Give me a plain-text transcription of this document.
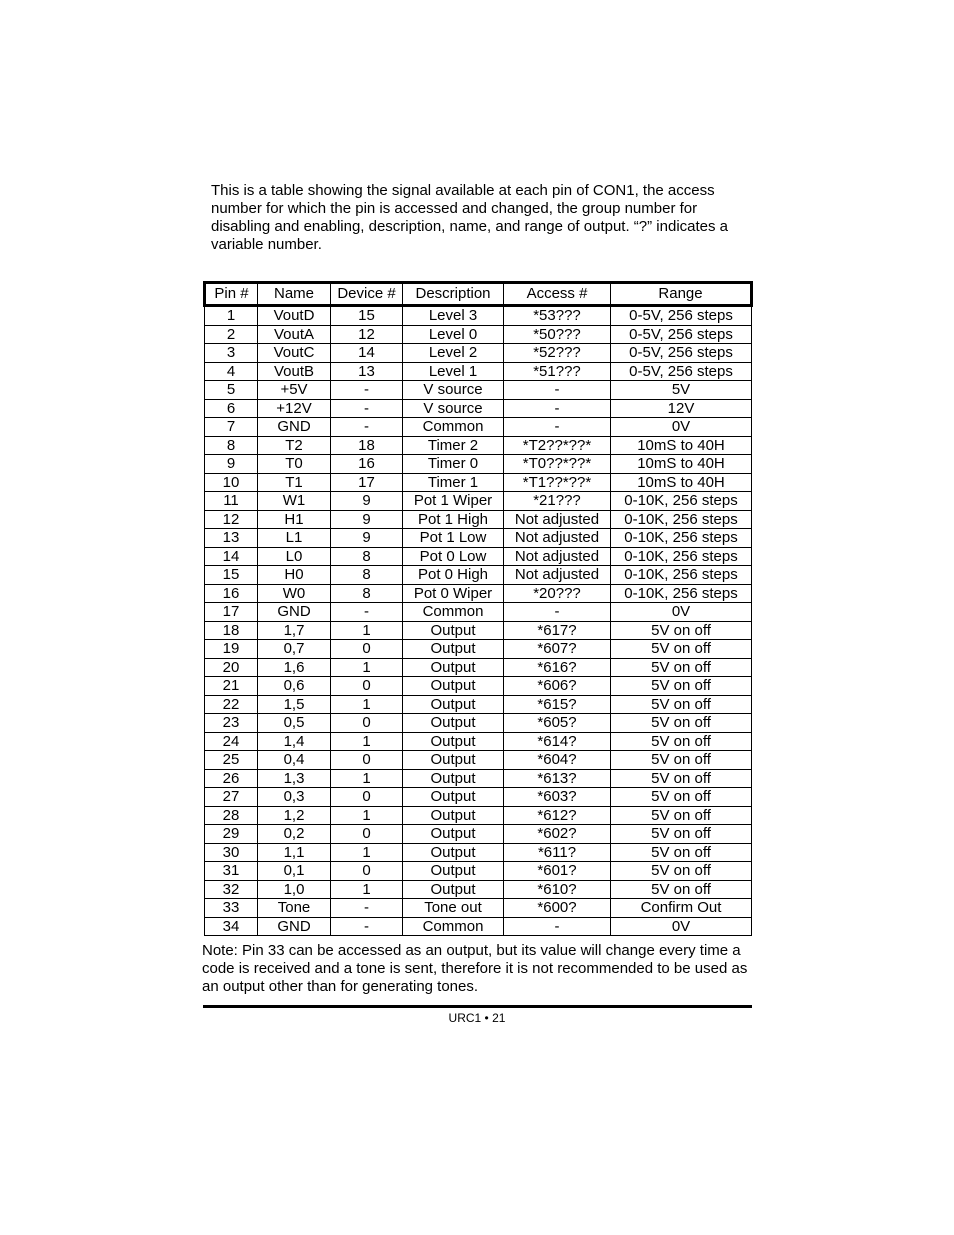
This is a table showing the signal available at each pin of CON1, the access number for which the pin is accessed and changed, the group number for disabling and enabling, description, name, and range of output. “?” indicates a variable number.

Pin #	Name	Device #	Description	Access #	Range
1	VoutD	15	Level 3	*53???	0-5V, 256 steps
2	VoutA	12	Level 0	*50???	0-5V, 256 steps
3	VoutC	14	Level 2	*52???	0-5V, 256 steps
4	VoutB	13	Level 1	*51???	0-5V, 256 steps
5	+5V	-	V source	-	5V
6	+12V	-	V source	-	12V
7	GND	-	Common	-	0V
8	T2	18	Timer 2	*T2??*??*	10mS to 40H
9	T0	16	Timer 0	*T0??*??*	10mS to 40H
10	T1	17	Timer 1	*T1??*??*	10mS to 40H
11	W1	9	Pot 1 Wiper	*21???	0-10K, 256 steps
12	H1	9	Pot 1 High	Not adjusted	0-10K, 256 steps
13	L1	9	Pot 1 Low	Not adjusted	0-10K, 256 steps
14	L0	8	Pot 0 Low	Not adjusted	0-10K, 256 steps
15	H0	8	Pot 0 High	Not adjusted	0-10K, 256 steps
16	W0	8	Pot 0 Wiper	*20???	0-10K, 256 steps
17	GND	-	Common	-	0V
18	1,7	1	Output	*617?	5V on off
19	0,7	0	Output	*607?	5V on off
20	1,6	1	Output	*616?	5V on off
21	0,6	0	Output	*606?	5V on off
22	1,5	1	Output	*615?	5V on off
23	0,5	0	Output	*605?	5V on off
24	1,4	1	Output	*614?	5V on off
25	0,4	0	Output	*604?	5V on off
26	1,3	1	Output	*613?	5V on off
27	0,3	0	Output	*603?	5V on off
28	1,2	1	Output	*612?	5V on off
29	0,2	0	Output	*602?	5V on off
30	1,1	1	Output	*611?	5V on off
31	0,1	0	Output	*601?	5V on off
32	1,0	1	Output	*610?	5V on off
33	Tone	-	Tone out	*600?	Confirm Out
34	GND	-	Common	-	0V

Note: Pin 33 can be accessed as an output, but its value will change every time a code is received and a tone is sent, therefore it is not recommended to be used as an output other than for generating tones.

URC1 • 21
